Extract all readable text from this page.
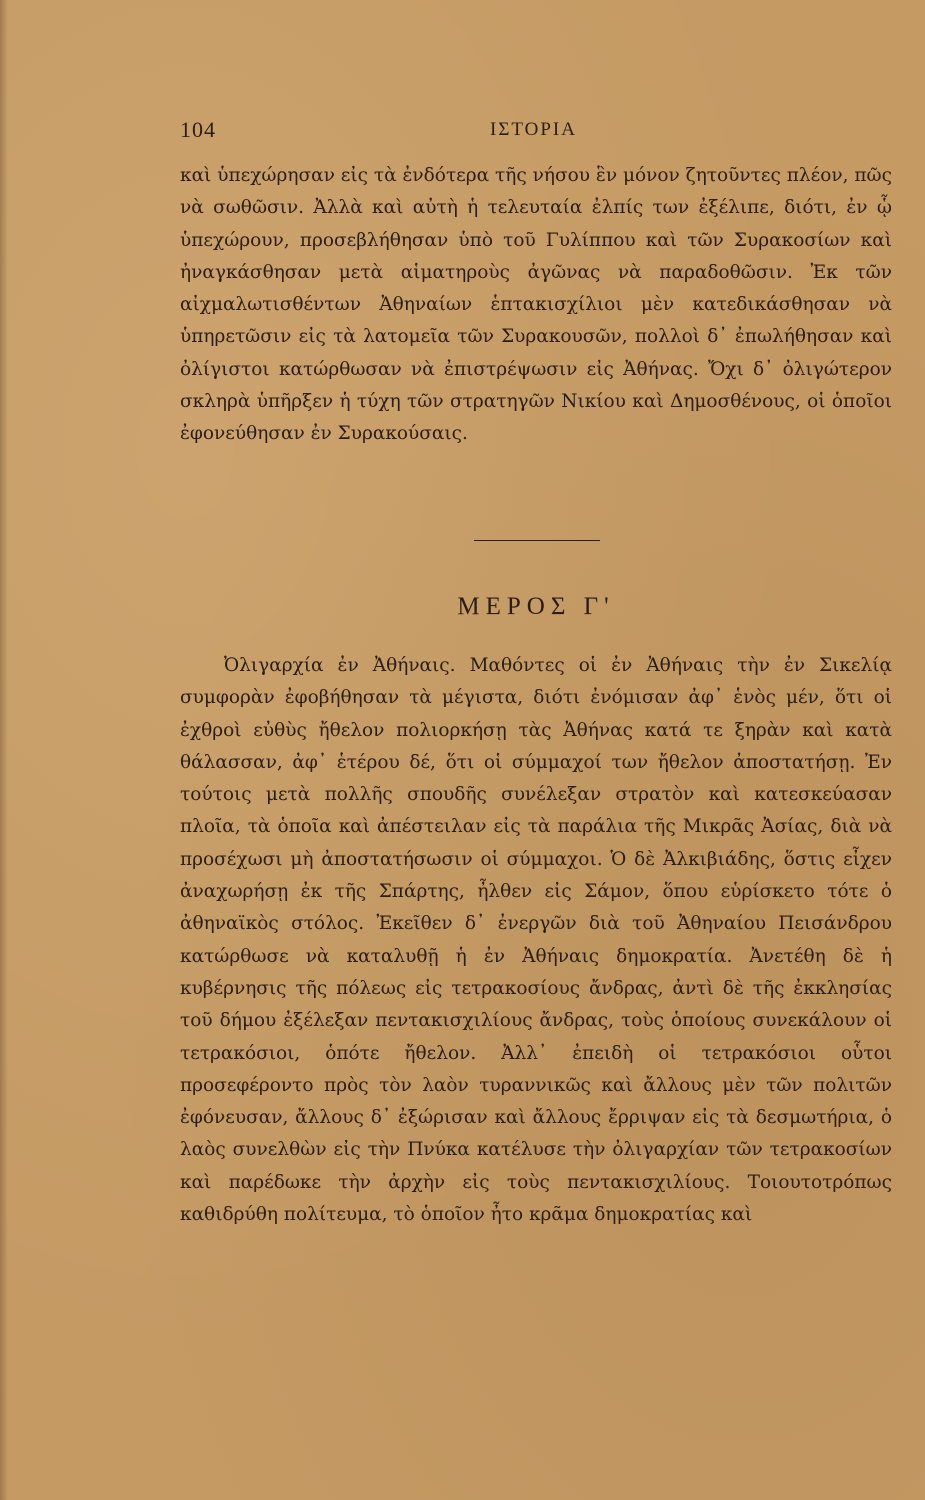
104	ΙΣΤΟΡΙΑ

καὶ ὑπεχώρησαν εἰς τὰ ἐνδότερα τῆς νήσου ἓν μόνον ζητοῦντες πλέον, πῶς νὰ σωθῶσιν. Ἀλλὰ καὶ αὐτὴ ἡ τελευταία ἐλπίς των ἐξέλιπε, διότι, ἐν ᾧ ὑπεχώρουν, προσεβλήθησαν ὑπὸ τοῦ Γυλίππου καὶ τῶν Συρακοσίων καὶ ἠναγκάσθησαν μετὰ αἱματηροὺς ἀγῶνας νὰ παραδοθῶσιν. Ἐκ τῶν αἰχμαλωτισθέντων Ἀθηναίων ἑπτακισχίλιοι μὲν κατεδικάσθησαν νὰ ὑπηρετῶσιν εἰς τὰ λατομεῖα τῶν Συρακουσῶν, πολλοὶ δ᾿ ἐπωλήθησαν καὶ ὀλίγιστοι κατώρθωσαν νὰ ἐπιστρέψωσιν εἰς Ἀθήνας. Ὄχι δ᾿ ὀλιγώτερον σκληρὰ ὑπῆρξεν ἡ τύχη τῶν στρατηγῶν Νικίου καὶ Δημοσθένους, οἱ ὁποῖοι ἐφονεύθησαν ἐν Συρακούσαις.

ΜΕΡΟΣ Γ'

Ὀλιγαρχία ἐν Ἀθήναις. Μαθόντες οἱ ἐν Ἀθήναις τὴν ἐν Σικελίᾳ συμφορὰν ἐφοβήθησαν τὰ μέγιστα, διότι ἐνόμισαν ἀφ᾿ ἑνὸς μέν, ὅτι οἱ ἐχθροὶ εὐθὺς ἤθελον πολιορκήσῃ τὰς Ἀθήνας κατά τε ξηρὰν καὶ κατὰ θάλασσαν, ἀφ᾿ ἑτέρου δέ, ὅτι οἱ σύμμαχοί των ἤθελον ἀποστατήσῃ. Ἐν τούτοις μετὰ πολλῆς σπουδῆς συνέλεξαν στρατὸν καὶ κατεσκεύασαν πλοῖα, τὰ ὁποῖα καὶ ἀπέστειλαν εἰς τὰ παράλια τῆς Μικρᾶς Ἀσίας, διὰ νὰ προσέχωσι μὴ ἀποστατήσωσιν οἱ σύμμαχοι. Ὁ δὲ Ἀλκιβιάδης, ὅστις εἶχεν ἀναχωρήσῃ ἐκ τῆς Σπάρτης, ἦλθεν εἰς Σάμον, ὅπου εὑρίσκετο τότε ὁ ἀθηναϊκὸς στόλος. Ἐκεῖθεν δ᾿ ἐνεργῶν διὰ τοῦ Ἀθηναίου Πεισάνδρου κατώρθωσε νὰ καταλυθῇ ἡ ἐν Ἀθήναις δημοκρατία. Ἀνετέθη δὲ ἡ κυβέρνησις τῆς πόλεως εἰς τετρακοσίους ἄνδρας, ἀντὶ δὲ τῆς ἐκκλησίας τοῦ δήμου ἐξέλεξαν πεντακισχιλίους ἄνδρας, τοὺς ὁποίους συνεκάλουν οἱ τετρακόσιοι, ὁπότε ἤθελον. Ἀλλ᾿ ἐπειδὴ οἱ τετρακόσιοι οὗτοι προσεφέροντο πρὸς τὸν λαὸν τυραννικῶς καὶ ἄλλους μὲν τῶν πολιτῶν ἐφόνευσαν, ἄλλους δ᾿ ἐξώρισαν καὶ ἄλλους ἔρριψαν εἰς τὰ δεσμωτήρια, ὁ λαὸς συνελθὼν εἰς τὴν Πνύκα κατέλυσε τὴν ὀλιγαρχίαν τῶν τετρακοσίων καὶ παρέδωκε τὴν ἀρχὴν εἰς τοὺς πεντακισχιλίους. Τοιουτοτρόπως καθιδρύθη πολίτευμα, τὸ ὁποῖον ἦτο κρᾶμα δημοκρατίας καὶ
